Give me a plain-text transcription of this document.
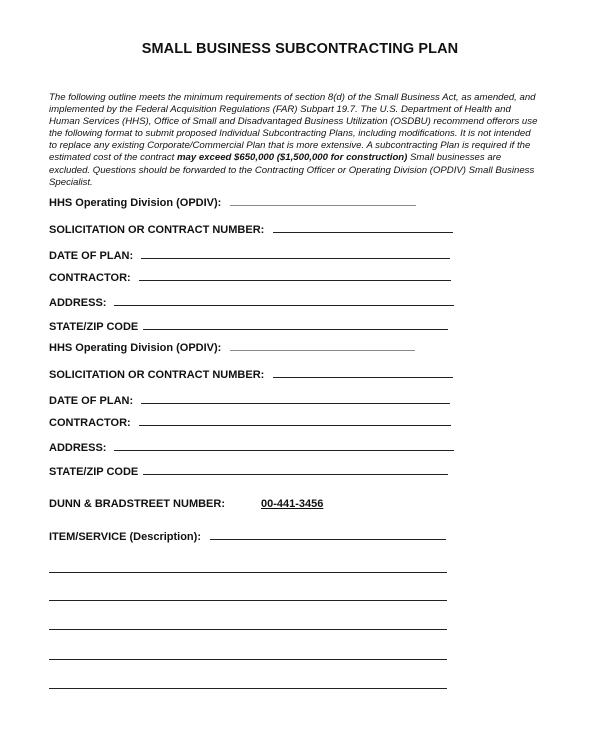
SMALL BUSINESS SUBCONTRACTING PLAN
The following outline meets the minimum requirements of section 8(d) of the Small Business Act, as amended, and
implemented by the Federal Acquisition Regulations (FAR) Subpart 19.7. The U.S. Department of Health and
Human Services (HHS), Office of Small and Disadvantaged Business Utilization (OSDBU) recommend offerors use
the following format to submit proposed Individual Subcontracting Plans, including modifications. It is not intended
to replace any existing Corporate/Commercial Plan that is more extensive. A subcontracting Plan is required if the
estimated cost of the contract may exceed $650,000 ($1,500,000 for construction) Small businesses are
excluded. Questions should be forwarded to the Contracting Officer or Operating Division (OPDIV) Small Business
Specialist.
HHS Operating Division (OPDIV):
SOLICITATION OR CONTRACT NUMBER:
DATE OF PLAN:
CONTRACTOR:
ADDRESS:
STATE/ZIP CODE
HHS Operating Division (OPDIV):
SOLICITATION OR CONTRACT NUMBER:
DATE OF PLAN:
CONTRACTOR:
ADDRESS:
STATE/ZIP CODE
DUNN & BRADSTREET NUMBER:	00-441-3456
ITEM/SERVICE (Description):
